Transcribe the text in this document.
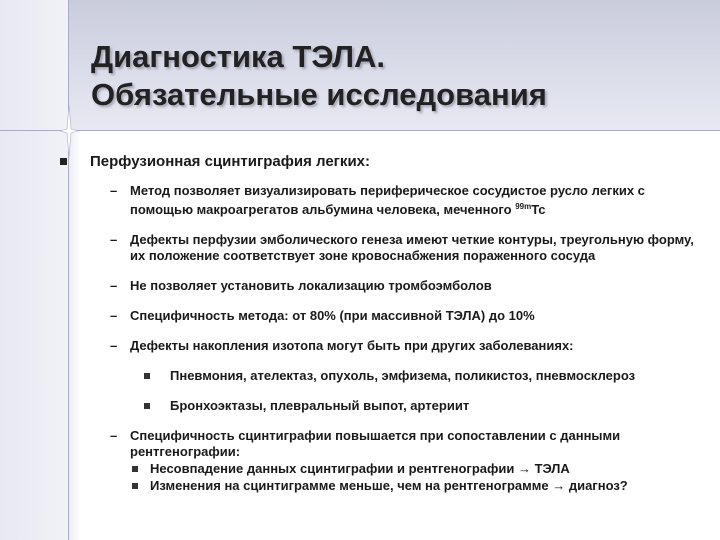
Диагностика ТЭЛА.
Обязательные исследования
Перфузионная сцинтиграфия легких:
– Метод позволяет визуализировать периферическое сосудистое русло легких с помощью макроагрегатов альбумина человека, меченного $^{99m}$Tc
– Дефекты перфузии эмболического генеза имеют четкие контуры, треугольную форму, их положение соответствует зоне кровоснабжения пораженного сосуда
– Не позволяет установить локализацию тромбоэмболов
– Специфичность метода: от 80% (при массивной ТЭЛА) до 10%
– Дефекты накопления изотопа могут быть при других заболеваниях:
Пневмония, ателектаз, опухоль, эмфизема, поликистоз, пневмосклероз
Бронхоэктазы, плевральный выпот, артериит
– Специфичность сцинтиграфии повышается при сопоставлении с данными рентгенографии:
Несовпадение данных сцинтиграфии и рентгенографии → ТЭЛА
Изменения на сцинтиграмме меньше, чем на рентгенограмме → диагноз?
